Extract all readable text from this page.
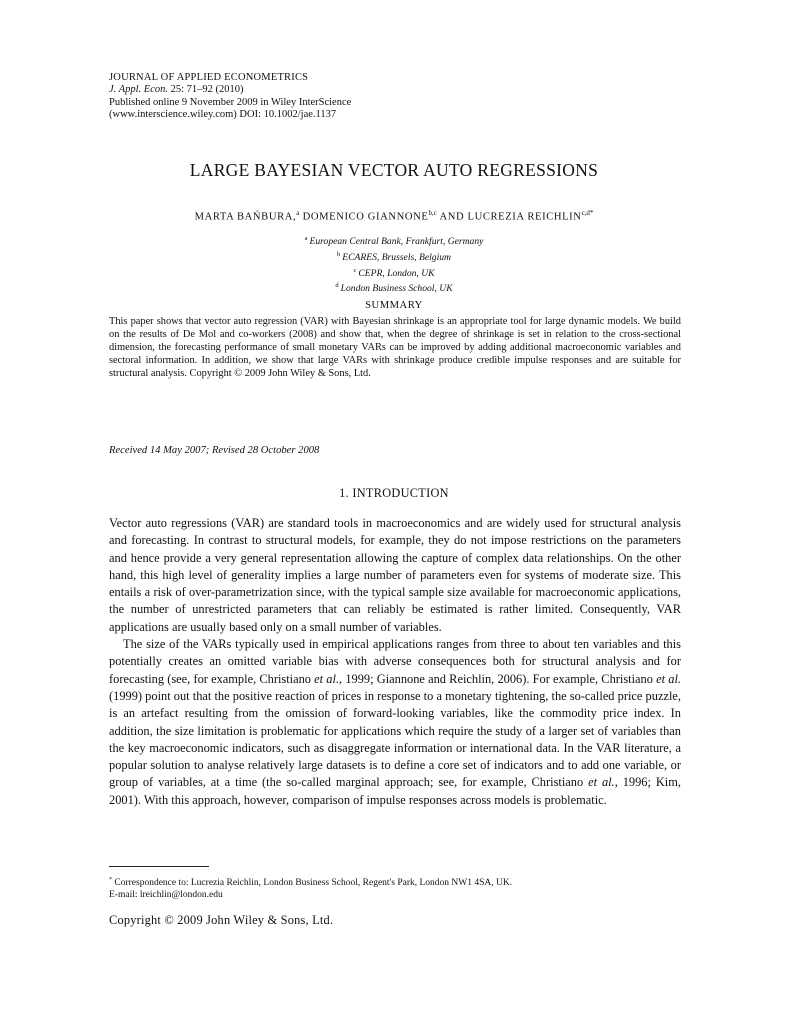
JOURNAL OF APPLIED ECONOMETRICS
J. Appl. Econ. 25: 71–92 (2010)
Published online 9 November 2009 in Wiley InterScience
(www.interscience.wiley.com) DOI: 10.1002/jae.1137
LARGE BAYESIAN VECTOR AUTO REGRESSIONS
MARTA BAŃBURA,$^a$ DOMENICO GIANNONE$^{b,c}$ AND LUCREZIA $REICHLIN^{c,d*}$
$^a$ European Central Bank, Frankfurt, Germany
$^b$ ECARES, Brussels, Belgium
$^c$ CEPR, London, UK
$^d$ London Business School, UK
SUMMARY
This paper shows that vector auto regression (VAR) with Bayesian shrinkage is an appropriate tool for large dynamic models. We build on the results of De Mol and co-workers (2008) and show that, when the degree of shrinkage is set in relation to the cross-sectional dimension, the forecasting performance of small monetary VARs can be improved by adding additional macroeconomic variables and sectoral information. In addition, we show that large VARs with shrinkage produce credible impulse responses and are suitable for structural analysis. Copyright © 2009 John Wiley & Sons, Ltd.
Received 14 May 2007; Revised 28 October 2008
1. INTRODUCTION

Vector auto regressions (VAR) are standard tools in macroeconomics and are widely used for structural analysis and forecasting. In contrast to structural models, for example, they do not impose restrictions on the parameters and hence provide a very general representation allowing the capture of complex data relationships. On the other hand, this high level of generality implies a large number of parameters even for systems of moderate size. This entails a risk of over-parametrization since, with the typical sample size available for macroeconomic applications, the number of unrestricted parameters that can reliably be estimated is rather limited. Consequently, VAR applications are usually based only on a small number of variables.

The size of the VARs typically used in empirical applications ranges from three to about ten variables and this potentially creates an omitted variable bias with adverse consequences both for structural analysis and for forecasting (see, for example, Christiano et al., 1999; Giannone and Reichlin, 2006). For example, Christiano et al. (1999) point out that the positive reaction of prices in response to a monetary tightening, the so-called price puzzle, is an artefact resulting from the omission of forward-looking variables, like the commodity price index. In addition, the size limitation is problematic for applications which require the study of a larger set of variables than the key macroeconomic indicators, such as disaggregate information or international data. In the VAR literature, a popular solution to analyse relatively large datasets is to define a core set of indicators and to add one variable, or group of variables, at a time (the so-called marginal approach; see, for example, Christiano et al., 1996; Kim, 2001). With this approach, however, comparison of impulse responses across models is problematic.

* Correspondence to: Lucrezia Reichlin, London Business School, Regent's Park, London NW1 4SA, UK.
E-mail: lreichlin@london.edu
Copyright © 2009 John Wiley & Sons, Ltd.
